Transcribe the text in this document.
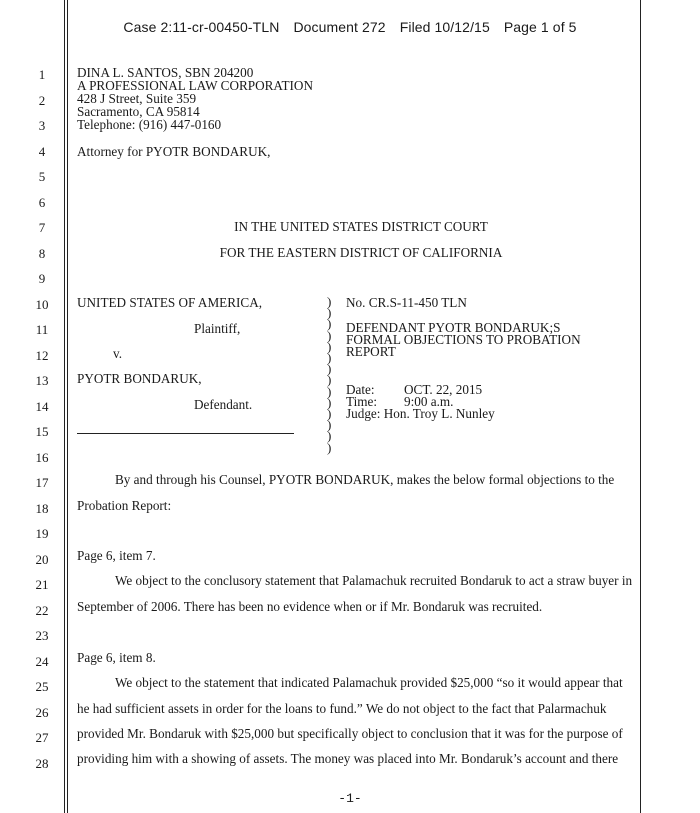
Case 2:11-cr-00450-TLN Document 272 Filed 10/12/15 Page 1 of 5
1
2
3
4
5
6
7
8
9
10
11
12
13
14
15
16
17
18
19
20
21
22
23
24
25
26
27
28
DINA L. SANTOS, SBN 204200
A PROFESSIONAL LAW CORPORATION
428 J Street, Suite 359
Sacramento, CA 95814
Telephone: (916) 447-0160
Attorney for PYOTR BONDARUK,
IN THE UNITED STATES DISTRICT COURT
FOR THE EASTERN DISTRICT OF CALIFORNIA
UNITED STATES OF AMERICA,
Plaintiff,
v.
PYOTR BONDARUK,
Defendant.
)
)
)
)
)
)
)
)
)
)
)
)
)
)
No. CR.S-11-450 TLN
DEFENDANT PYOTR BONDARUK;S
FORMAL OBJECTIONS TO PROBATION
REPORT
Date: OCT. 22, 2015
Time: 9:00 a.m.
Judge: Hon. Troy L. Nunley
By and through his Counsel, PYOTR BONDARUK, makes the below formal objections to the
Probation Report:
Page 6, item 7.
We object to the conclusory statement that Palamachuk recruited Bondaruk to act a straw buyer in
September of 2006. There has been no evidence when or if Mr. Bondaruk was recruited.
Page 6, item 8.
We object to the statement that indicated Palamachuk provided $25,000 “so it would appear that
he had sufficient assets in order for the loans to fund.” We do not object to the fact that Palarmachuk
provided Mr. Bondaruk with $25,000 but specifically object to conclusion that it was for the purpose of
providing him with a showing of assets. The money was placed into Mr. Bondaruk’s account and there
-1-
